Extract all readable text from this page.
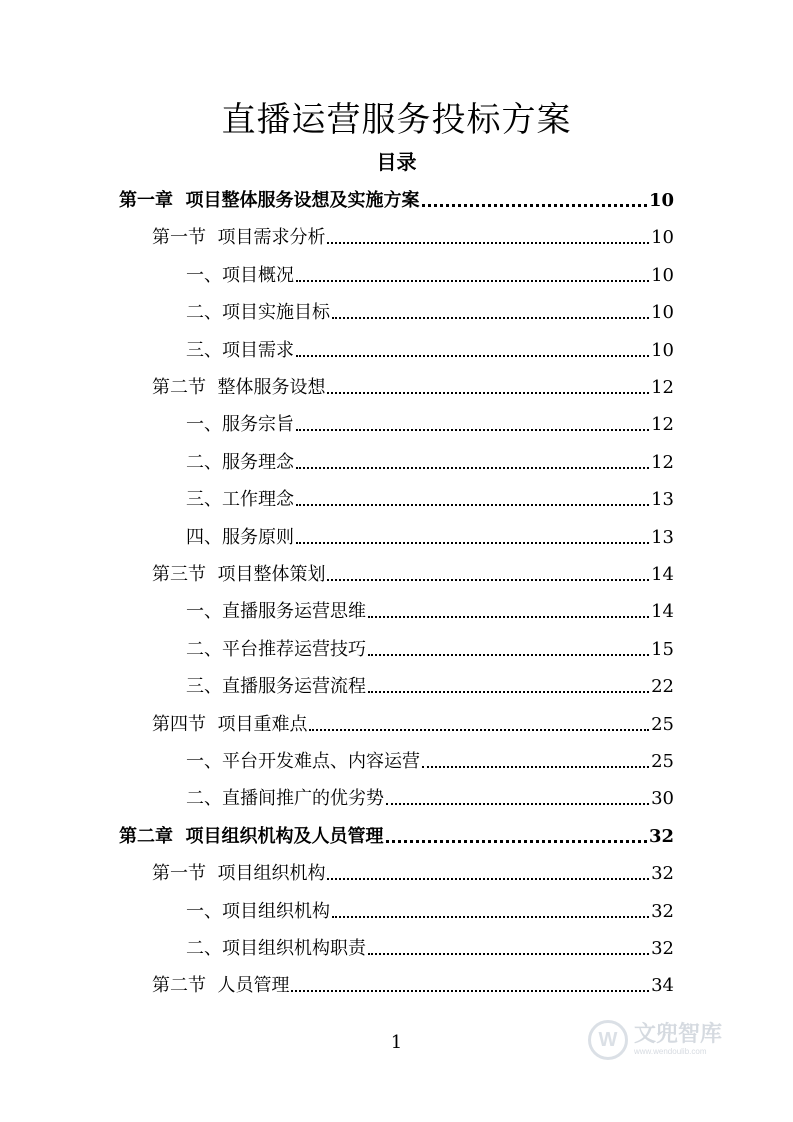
直播运营服务投标方案
目录
第一章  项目整体服务设想及实施方案	10
第一节  项目需求分析	10
一、项目概况	10
二、项目实施目标	10
三、项目需求	10
第二节  整体服务设想	12
一、服务宗旨	12
二、服务理念	12
三、工作理念	13
四、服务原则	13
第三节  项目整体策划	14
一、直播服务运营思维	14
二、平台推荐运营技巧	15
三、直播服务运营流程	22
第四节  项目重难点	25
一、平台开发难点、内容运营	25
二、直播间推广的优劣势	30
第二章  项目组织机构及人员管理	32
第一节  项目组织机构	32
一、项目组织机构	32
二、项目组织机构职责	32
第二节  人员管理	34
1	W 文兜智库
www.wendoulib.com
